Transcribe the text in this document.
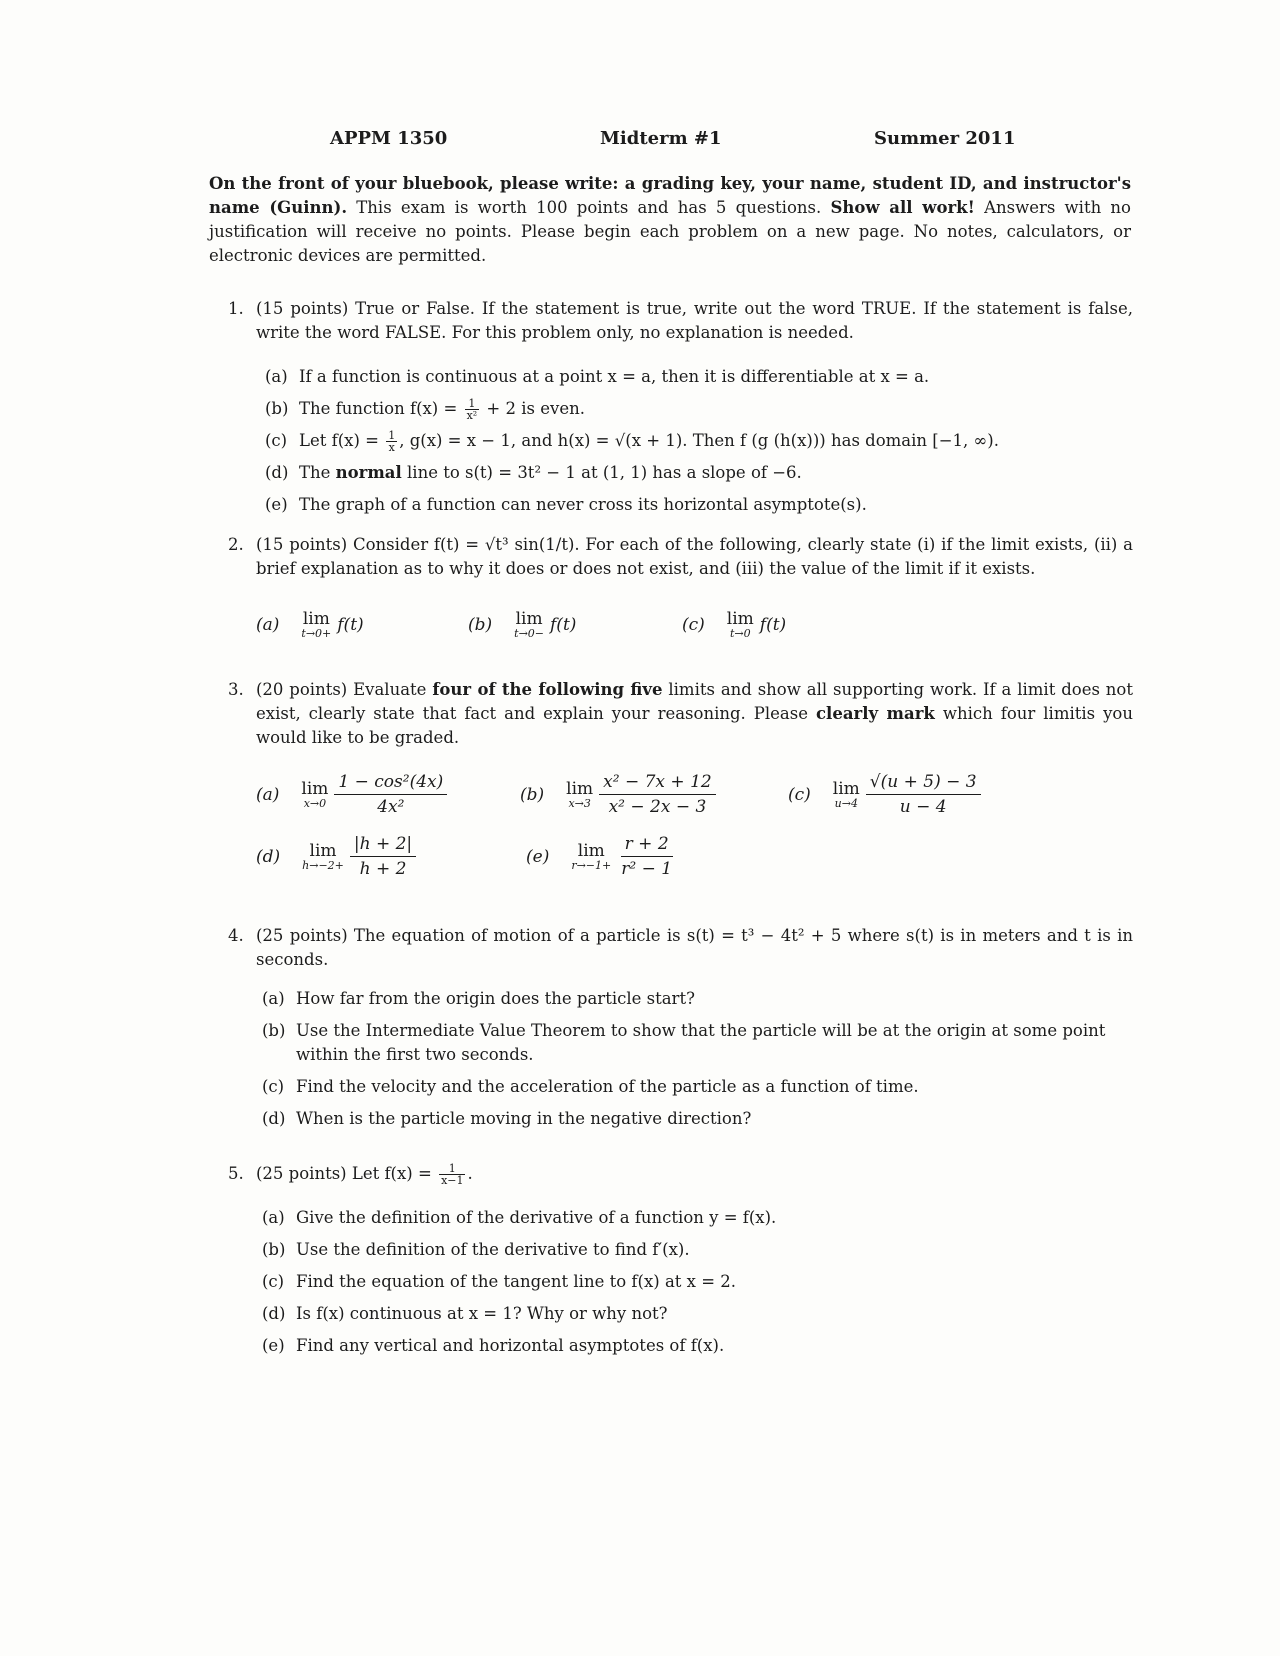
APPM 1350	Midterm #1	Summer 2011
On the front of your bluebook, please write: a grading key, your name, student ID, and instructor's name (Guinn). This exam is worth 100 points and has 5 questions. Show all work! Answers with no justification will receive no points. Please begin each problem on a new page. No notes, calculators, or electronic devices are permitted.
1. (15 points) True or False. If the statement is true, write out the word TRUE. If the statement is false, write the word FALSE. For this problem only, no explanation is needed.
(a) If a function is continuous at a point x = a, then it is differentiable at x = a.
(b) The function $f(x) = \frac{1}{\text{x²}} + 2$ is even.
(c) Let $f(x) = \frac{1}{x}$ , g(x) = x − 1, and h(x) = √(x + 1). Then f (g (h(x))) has domain [−1, ∞).
(d) The normal line to s(t) = 3t² − 1 at (1, 1) has a slope of −6.
(e) The graph of a function can never cross its horizontal asymptote(s).
2. (15 points) Consider f(t) = √t³ sin(1/t). For each of the following, clearly state (i) if the limit exists, (ii) a brief explanation as to why it does or does not exist, and (iii) the value of the limit if it exists.
(a) lim
t→0+ f(t)	(b) lim
t→0− f(t)	(c) lim
t→0 f(t)
3. (20 points) Evaluate four of the following five limits and show all supporting work. If a limit does not exist, clearly state that fact and explain your reasoning. Please clearly mark which four limitis you would like to be graded.
(a) lim
$x\to 0 \frac{\text{1 − cos²(4x)}}{\text{4x²}}$	(b) lim
$x\to 3 \frac{\text{x² − 7x + 12}}{\text{x² − 2x − 3}}$	(c) lim
$u\to 4 \frac{√(u + 5) - 3}{u - 4}$
(d) lim
$h\to-2+ \frac{|h + 2|}{h + 2}$	(e) lim
$r\to-1+ \frac{r + 2}{\text{r² − 1}}$
4. (25 points) The equation of motion of a particle is s(t) = t³ − 4t² + 5 where s(t) is in meters and t is in seconds.
(a) How far from the origin does the particle start?
(b) Use the Intermediate Value Theorem to show that the particle will be at the origin at some point within the first two seconds.
(c) Find the velocity and the acceleration of the particle as a function of time.
(d) When is the particle moving in the negative direction?
5. (25 points) Let $f(x) = \frac{1}{x-1}$ .
(a) Give the definition of the derivative of a function y = f(x).
(b) Use the definition of the derivative to find f′(x).
(c) Find the equation of the tangent line to f(x) at x = 2.
(d) Is f(x) continuous at x = 1? Why or why not?
(e) Find any vertical and horizontal asymptotes of f(x).
